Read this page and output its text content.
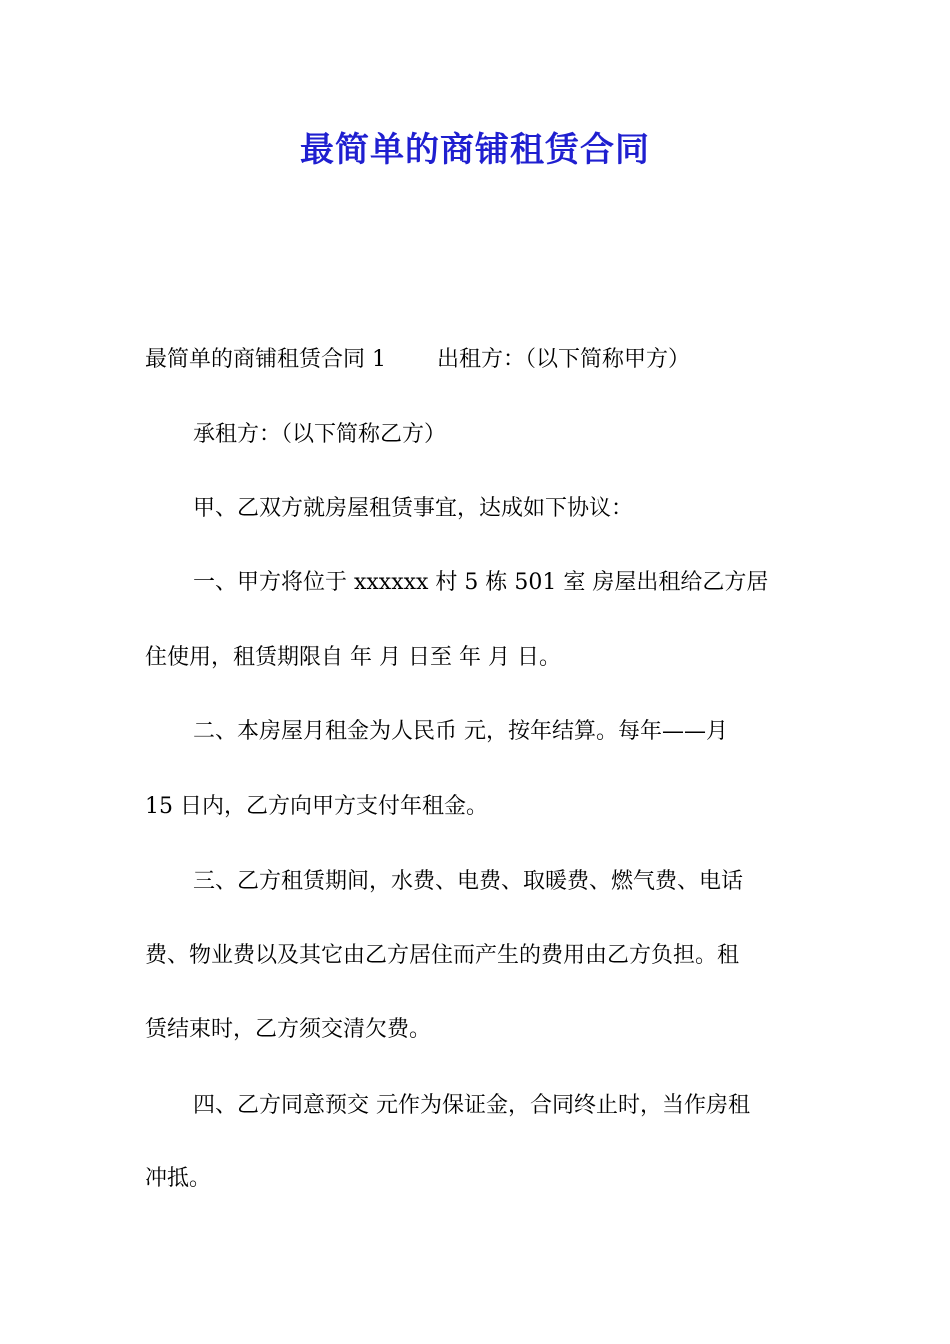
最简单的商铺租赁合同
最简单的商铺租赁合同 1　　 出租方：（以下简称甲方）
承租方：（以下简称乙方）
甲、乙双方就房屋租赁事宜，达成如下协议：
一、甲方将位于 xxxxxx 村 5 栋 501 室 房屋出租给乙方居
住使用，租赁期限自 年 月 日至 年 月 日。
二、本房屋月租金为人民币 元，按年结算。每年——月
15 日内，乙方向甲方支付年租金。
三、乙方租赁期间，水费、电费、取暖费、燃气费、电话
费、物业费以及其它由乙方居住而产生的费用由乙方负担。租
赁结束时，乙方须交清欠费。
四、乙方同意预交 元作为保证金，合同终止时，当作房租
冲抵。
